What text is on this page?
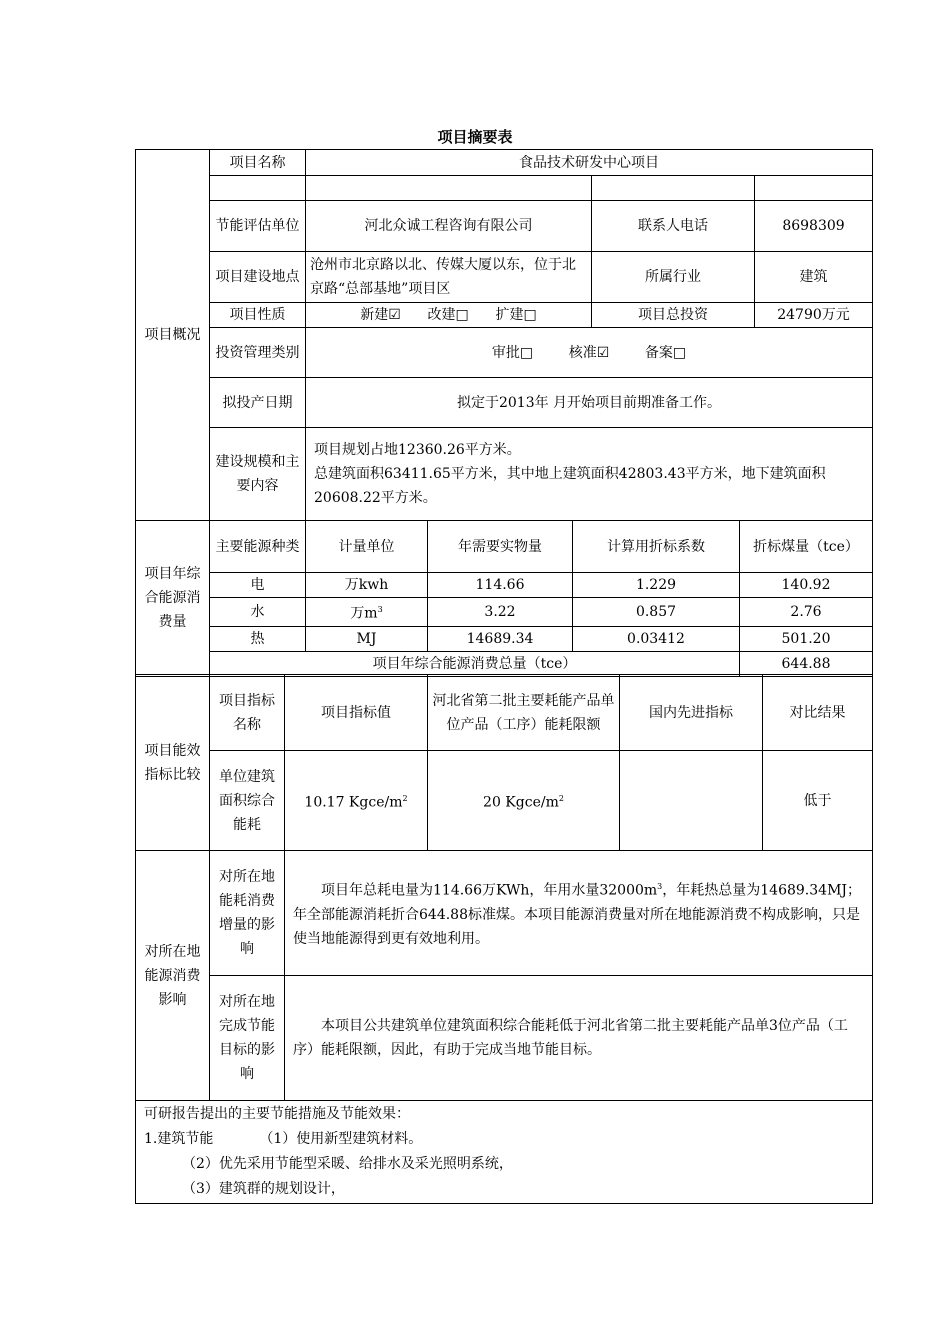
项目摘要表
项目概况	项目名称	食品技术研发中心项目		

	节能评估单位	河北众诚工程咨询有限公司	联系人电话	8698309
	项目建设地点	沧州市北京路以北、传媒大厦以东，位于北京路“总部基地”项目区	所属行业	建筑
	项目性质	新建☑ 改建□ 扩建□	项目总投资	24790万元
	投资管理类别	审批□ 核准☑ 备案□		
	拟投产日期	拟定于2013年 月开始项目前期准备工作。		
	建设规模和主要内容	项目规划占地12360.26平方米。
总建筑面积63411.65平方米，其中地上建筑面积42803.43平方米，地下建筑面积20608.22平方米。		
项目年综合能源消费量	主要能源种类	计量单位	年需要实物量	计算用折标系数	折标煤量（tce）
	电	万kwh	114.66	1.229	140.92
	水	万$m^3$	3.22	0.857	2.76
	热	MJ	14689.34	0.03412	501.20
	项目年综合能源消费总量（tce）				644.88
项目能效指标比较	项目指标名称	项目指标值	河北省第二批主要耗能产品单位产品（工序）能耗限额	国内先进指标	对比结果
	单位建筑面积综合能耗	10.17 Kgce/$m^2$	20 Kgce/$m^2$		低于
对所在地能源消费影响	对所在地能耗消费增量的影响	项目年总耗电量为114.66万KWh，年用水量$32000m^3$，年耗热总量为14689.34MJ；年全部能源消耗折合644.88标准煤。本项目能源消费量对所在地能源消费不构成影响，只是使当地能源得到更有效地利用。
	对所在地完成节能目标的影响	本项目公共建筑单位建筑面积综合能耗低于河北省第二批主要耗能产品单3位产品（工序）能耗限额，因此，有助于完成当地节能目标。
可研报告提出的主要节能措施及节能效果：
1.建筑节能	（1）使用新型建筑材料。
（2）优先采用节能型采暖、给排水及采光照明系统，
（3）建筑群的规划设计，
